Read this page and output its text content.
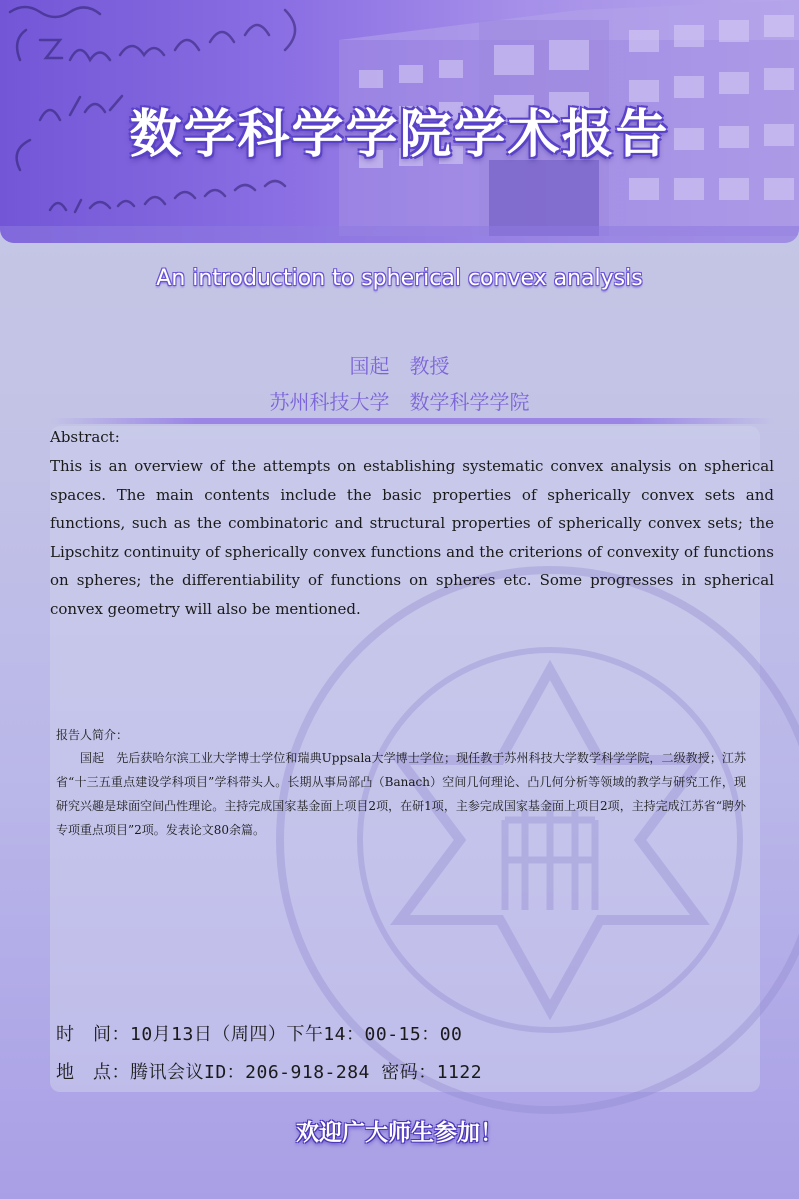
数学科学学院学术报告
An introduction to spherical convex analysis
国起　教授
苏州科技大学　数学科学学院
Abstract:
This is an overview of the attempts on establishing systematic convex analysis on spherical spaces. The main contents include the basic properties of spherically convex sets and functions, such as the combinatoric and structural properties of spherically convex sets; the Lipschitz continuity of spherically convex functions and the criterions of convexity of functions on spheres; the differentiability of functions on spheres etc. Some progresses in spherical convex geometry will also be mentioned.
报告人简介：
国起　先后获哈尔滨工业大学博士学位和瑞典Uppsala大学博士学位；现任教于苏州科技大学数学科学学院，二级教授；江苏省“十三五重点建设学科项目”学科带头人。长期从事局部凸（Banach）空间几何理论、凸几何分析等领域的教学与研究工作，现研究兴趣是球面空间凸性理论。主持完成国家基金面上项目2项，在研1项，主参完成国家基金面上项目2项，主持完成江苏省“聘外专项重点项目”2项。发表论文80余篇。
时　间：10月13日（周四）下午14：00-15：00
地　点：腾讯会议ID：206-918-284 密码：1122
欢迎广大师生参加！
